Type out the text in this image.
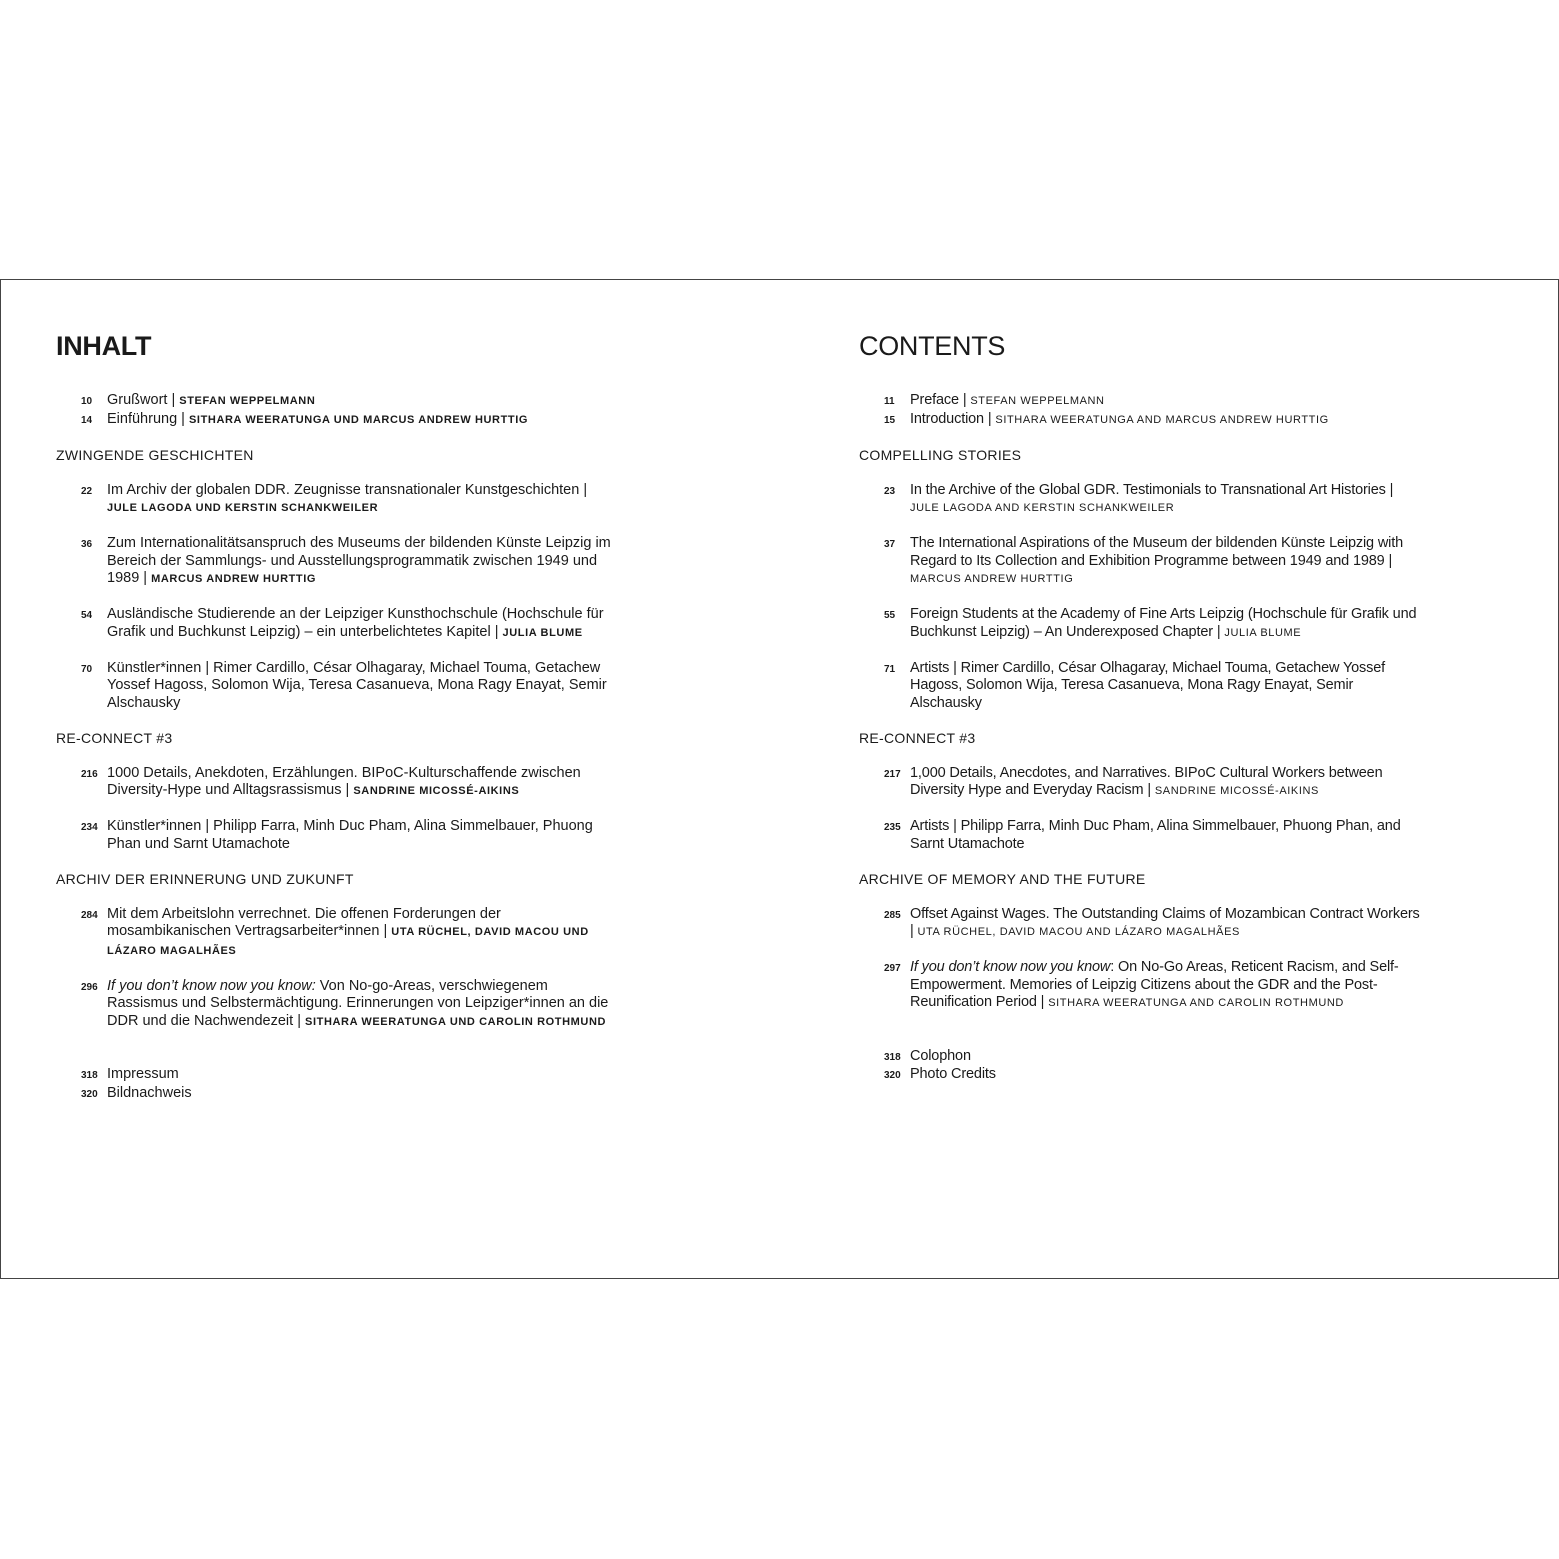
INHALT
10	Grußwort | STEFAN WEPPELMANN
14	Einführung | SITHARA WEERATUNGA UND MARCUS ANDREW HURTTIG
ZWINGENDE GESCHICHTEN
22	Im Archiv der globalen DDR. Zeugnisse transnationaler Kunstgeschichten | JULE LAGODA UND KERSTIN SCHANKWEILER
36	Zum Internationalitätsanspruch des Museums der bildenden Künste Leipzig im Bereich der Sammlungs- und Ausstellungsprogrammatik zwischen 1949 und 1989 | MARCUS ANDREW HURTTIG
54	Ausländische Studierende an der Leipziger Kunsthochschule (Hochschule für Grafik und Buchkunst Leipzig) – ein unterbelichtetes Kapitel | JULIA BLUME
70	Künstler*innen | Rimer Cardillo, César Olhagaray, Michael Touma, Getachew Yossef Hagoss, Solomon Wija, Teresa Casanueva, Mona Ragy Enayat, Semir Alschausky
RE-CONNECT #3
216 1000 Details, Anekdoten, Erzählungen. BIPoC-Kulturschaffende zwischen Diversity-Hype und Alltagsrassismus | SANDRINE MICOSSÉ-AIKINS
234 Künstler*innen | Philipp Farra, Minh Duc Pham, Alina Simmelbauer, Phuong Phan und Sarnt Utamachote
ARCHIV DER ERINNERUNG UND ZUKUNFT
284 Mit dem Arbeitslohn verrechnet. Die offenen Forderungen der mosambikanischen Vertragsarbeiter*innen | UTA RÜCHEL, DAVID MACOU UND LÁZARO MAGALHÃES
296 If you don’t know now you know: Von No-go-Areas, verschwiegenem Rassismus und Selbstermächtigung. Erinnerungen von Leipziger*innen an die DDR und die Nachwendezeit | SITHARA WEERATUNGA UND CAROLIN ROTHMUND
318 Impressum
320 Bildnachweis
CONTENTS
11	Preface | STEFAN WEPPELMANN
15	Introduction | SITHARA WEERATUNGA AND MARCUS ANDREW HURTTIG
COMPELLING STORIES
23	In the Archive of the Global GDR. Testimonials to Transnational Art Histories | JULE LAGODA AND KERSTIN SCHANKWEILER
37	The International Aspirations of the Museum der bildenden Künste Leipzig with Regard to Its Collection and Exhibition Programme between 1949 and 1989 | MARCUS ANDREW HURTTIG
55	Foreign Students at the Academy of Fine Arts Leipzig (Hochschule für Grafik und Buchkunst Leipzig) – An Underexposed Chapter | JULIA BLUME
71	Artists | Rimer Cardillo, César Olhagaray, Michael Touma, Getachew Yossef Hagoss, Solomon Wija, Teresa Casanueva, Mona Ragy Enayat, Semir Alschausky
RE-CONNECT #3
217 1,000 Details, Anecdotes, and Narratives. BIPoC Cultural Workers between Diversity Hype and Everyday Racism | SANDRINE MICOSSÉ-AIKINS
235 Artists | Philipp Farra, Minh Duc Pham, Alina Simmelbauer, Phuong Phan, and Sarnt Utamachote
ARCHIVE OF MEMORY AND THE FUTURE
285 Offset Against Wages. The Outstanding Claims of Mozambican Contract Workers | UTA RÜCHEL, DAVID MACOU AND LÁZARO MAGALHÃES
297 If you don’t know now you know: On No-Go Areas, Reticent Racism, and Self-Empowerment. Memories of Leipzig Citizens about the GDR and the Post-Reunification Period | SITHARA WEERATUNGA AND CAROLIN ROTHMUND
318 Colophon
320 Photo Credits
